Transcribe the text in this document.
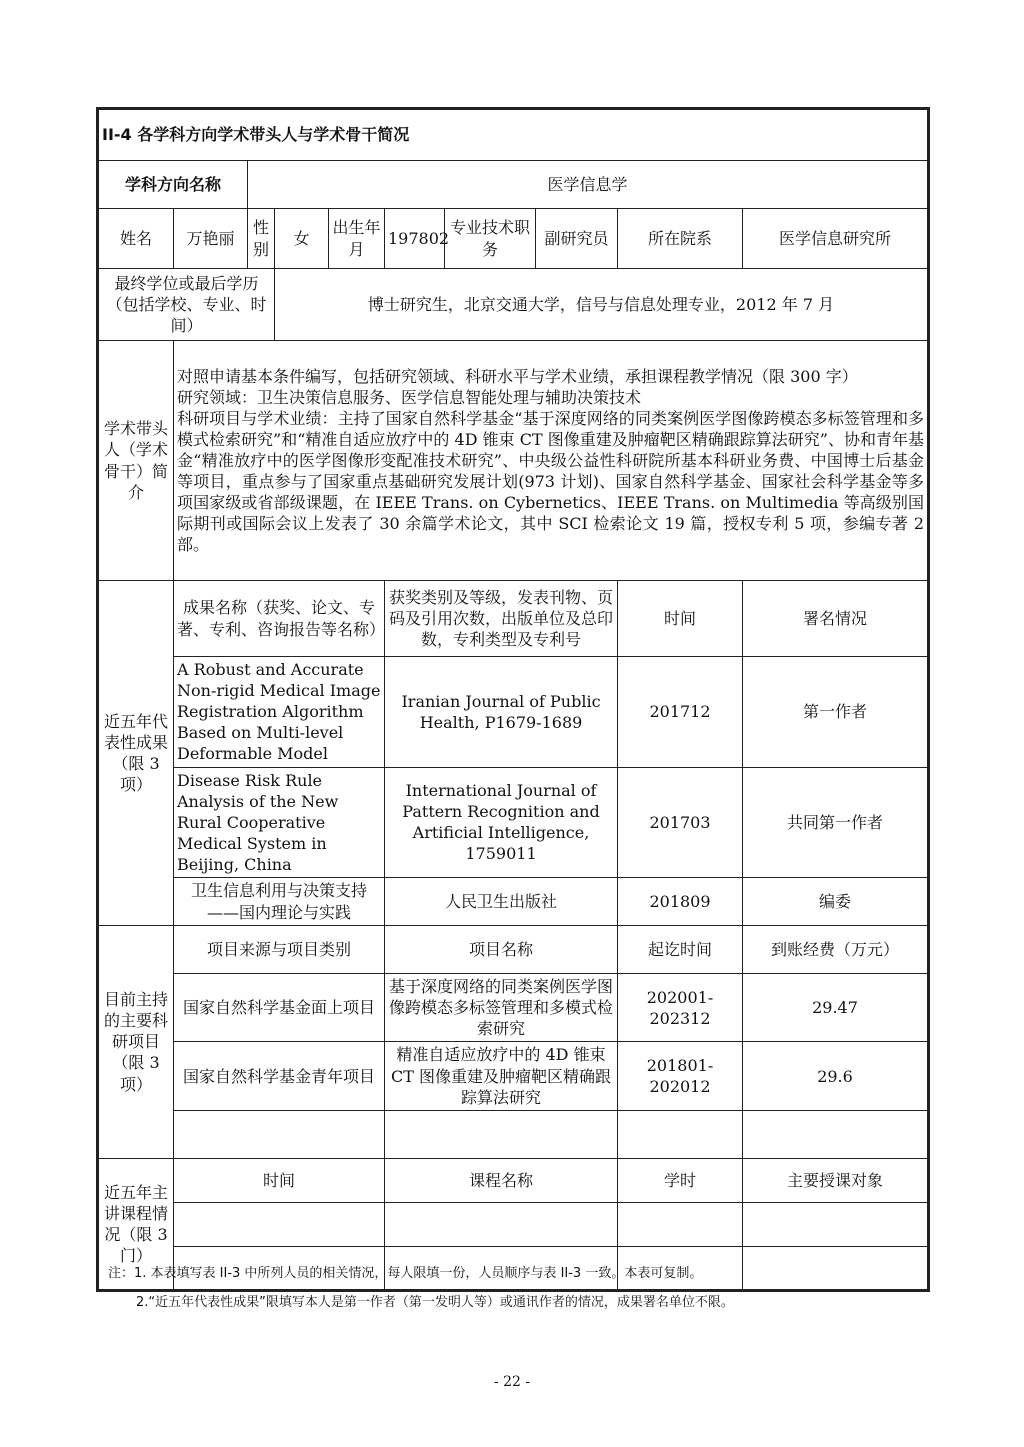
II-4 各学科方向学术带头人与学术骨干简况									
学科方向名称		医学信息学							
姓名	万艳丽	性别	女	出生年月	197802	专业技术职　务	副研究员	所在院系	医学信息研究所
最终学位或最后学历（包括学校、专业、时间）			博士研究生，北京交通大学，信号与信息处理专业，2012 年 7 月						
学术带头人（学术骨干）简介	对照申请基本条件编写，包括研究领域、科研水平与学术业绩，承担课程教学情况（限 300 字）

研究领域：卫生决策信息服务、医学信息智能处理与辅助决策技术

科研项目与学术业绩：主持了国家自然科学基金“基于深度网络的同类案例医学图像跨模态多标签管理和多模式检索研究”和“精准自适应放疗中的 4D 锥束 CT 图像重建及肿瘤靶区精确跟踪算法研究”、协和青年基金“精准放疗中的医学图像形变配准技术研究”、中央级公益性科研院所基本科研业务费、中国博士后基金等项目，重点参与了国家重点基础研究发展计划(973 计划)、国家自然科学基金、国家社会科学基金等多项国家级或省部级课题，在 IEEE Trans. on Cybernetics、IEEE Trans. on Multimedia 等高级别国际期刊或国际会议上发表了 30 余篇学术论文，其中 SCI 检索论文 19 篇，授权专利 5 项，参编专著 2 部。								

近五年代表性成果（限 3 项）	成果名称（获奖、论文、专著、专利、咨询报告等名称）				获奖类别及等级，发表刊物、页码及引用次数，出版单位及总印数，专利类型及专利号			时间	署名情况
	A Robust and Accurate Non-rigid Medical Image Registration Algorithm Based on Multi-level Deformable Model				Iranian Journal of Public Health, P1679-1689			201712	第一作者
	Disease Risk Rule Analysis of the New Rural Cooperative Medical System in Beijing, China				International Journal of Pattern Recognition and Artificial Intelligence, 1759011			201703	共同第一作者
	卫生信息利用与决策支持——国内理论与实践				人民卫生出版社			201809	编委
目前主持的主要科研项目（限 3 项）	项目来源与项目类别				项目名称			起讫时间	到账经费（万元）
	国家自然科学基金面上项目				基于深度网络的同类案例医学图像跨模态多标签管理和多模式检索研究			202001-202312	29.47
	国家自然科学基金青年项目				精准自适应放疗中的 4D 锥束 CT 图像重建及肿瘤靶区精确跟踪算法研究			201801-202012	29.6

近五年主讲课程情况（限 3 门）	时间				课程名称			学时	主要授课对象

注：1. 本表填写表 II-3 中所列人员的相关情况，每人限填一份，人员顺序与表 II-3 一致。本表可复制。

2.“近五年代表性成果”限填写本人是第一作者（第一发明人等）或通讯作者的情况，成果署名单位不限。

- 22 -
